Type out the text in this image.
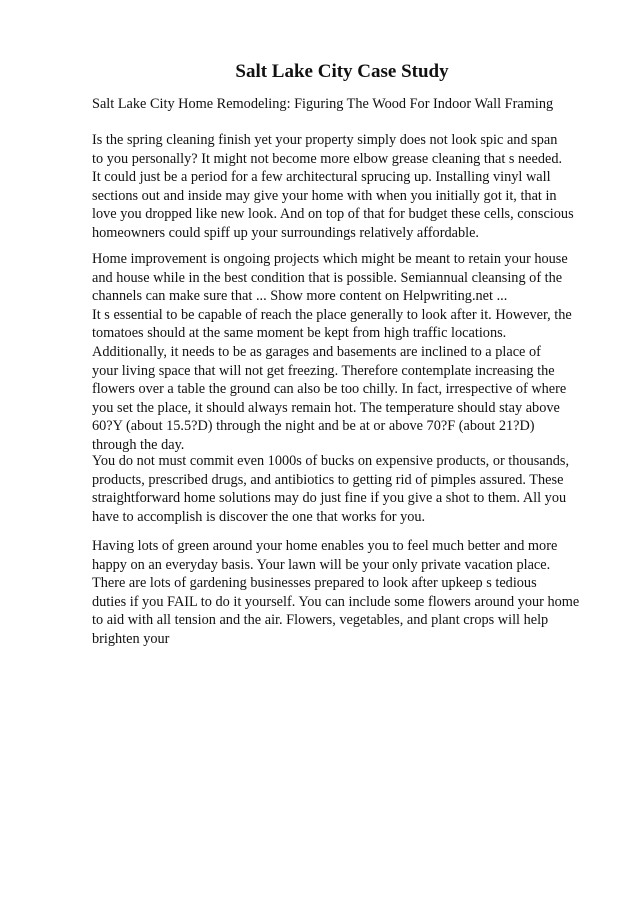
Salt Lake City Case Study

Salt Lake City Home Remodeling: Figuring The Wood For Indoor Wall Framing

Is the spring cleaning finish yet your property simply does not look spic and span
to you personally? It might not become more elbow grease cleaning that s needed.
It could just be a period for a few architectural sprucing up. Installing vinyl wall
sections out and inside may give your home with when you initially got it, that in
love you dropped like new look. And on top of that for budget these cells, conscious
homeowners could spiff up your surroundings relatively affordable.

Home improvement is ongoing projects which might be meant to retain your house
and house while in the best condition that is possible. Semiannual cleansing of the
channels can make sure that ... Show more content on Helpwriting.net ...
It s essential to be capable of reach the place generally to look after it. However, the
tomatoes should at the same moment be kept from high traffic locations.
Additionally, it needs to be as garages and basements are inclined to a place of
your living space that will not get freezing. Therefore contemplate increasing the
flowers over a table the ground can also be too chilly. In fact, irrespective of where
you set the place, it should always remain hot. The temperature should stay above
60?Y (about 15.5?D) through the night and be at or above 70?F (about 21?D)
through the day.

You do not must commit even 1000s of bucks on expensive products, or thousands,
products, prescribed drugs, and antibiotics to getting rid of pimples assured. These
straightforward home solutions may do just fine if you give a shot to them. All you
have to accomplish is discover the one that works for you.

Having lots of green around your home enables you to feel much better and more
happy on an everyday basis. Your lawn will be your only private vacation place.
There are lots of gardening businesses prepared to look after upkeep s tedious
duties if you FAIL to do it yourself. You can include some flowers around your home
to aid with all tension and the air. Flowers, vegetables, and plant crops will help
brighten your
